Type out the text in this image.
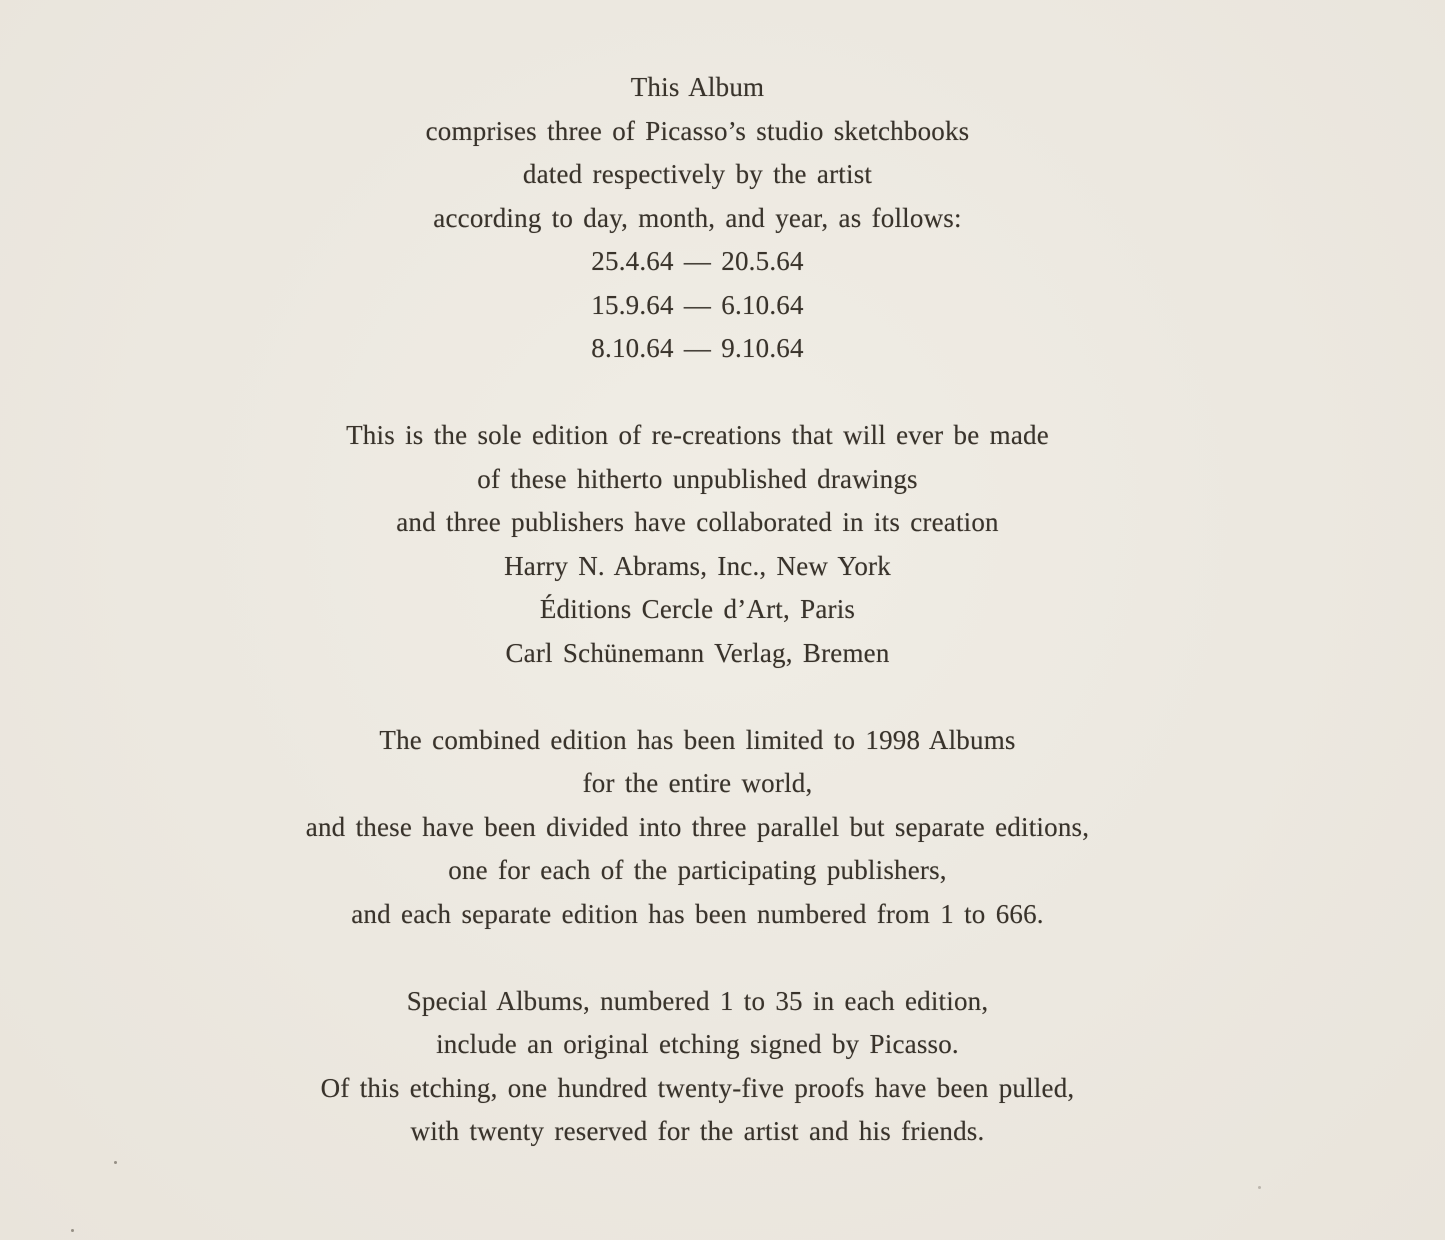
This Album

comprises three of Picasso’s studio sketchbooks

dated respectively by the artist

according to day, month, and year, as follows:

25.4.64 — 20.5.64

15.9.64 — 6.10.64

8.10.64 — 9.10.64

This is the sole edition of re-creations that will ever be made

of these hitherto unpublished drawings

and three publishers have collaborated in its creation

Harry N. Abrams, Inc., New York

Éditions Cercle d’Art, Paris

Carl Schünemann Verlag, Bremen

The combined edition has been limited to 1998 Albums

for the entire world,

and these have been divided into three parallel but separate editions,

one for each of the participating publishers,

and each separate edition has been numbered from 1 to 666.

Special Albums, numbered 1 to 35 in each edition,

include an original etching signed by Picasso.

Of this etching, one hundred twenty-five proofs have been pulled,

with twenty reserved for the artist and his friends.
